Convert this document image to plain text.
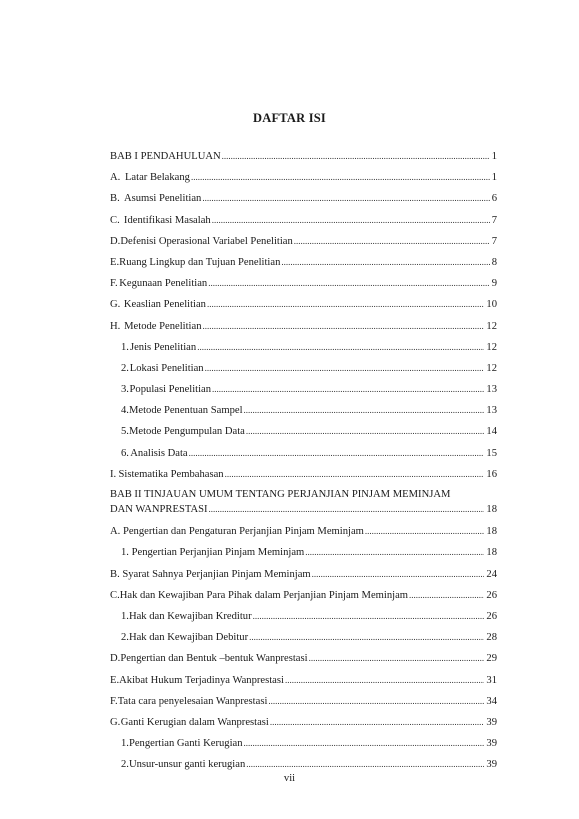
DAFTAR ISI
BAB I PENDAHULUAN .....	1
A. Latar Belakang .....	1
B. Asumsi Penelitian .....	6
C. Identifikasi Masalah .....	7
D. Defenisi Operasional Variabel Penelitian .....	7
E. Ruang Lingkup dan Tujuan Penelitian .....	8
F. Kegunaan Penelitian .....	9
G. Keaslian Penelitian .....	10
H. Metode Penelitian .....	12
1. Jenis Penelitian .....	12
2. Lokasi Penelitian .....	12
3. Populasi Penelitian .....	13
4. Metode Penentuan Sampel .....	13
5. Metode Pengumpulan Data .....	14
6. Analisis Data .....	15
I. Sistematika Pembahasan .....	16
BAB II TINJAUAN UMUM TENTANG PERJANJIAN PINJAM MEMINJAM
DAN WANPRESTASI .....	18
A. Pengertian dan Pengaturan Perjanjian Pinjam Meminjam .....	18
1. Pengertian Perjanjian Pinjam Meminjam .....	18
B. Syarat Sahnya Perjanjian Pinjam Meminjam .....	24
C. Hak dan Kewajiban Para Pihak dalam Perjanjian Pinjam Meminjam .....	26
1. Hak dan Kewajiban Kreditur .....	26
2. Hak dan Kewajiban Debitur .....	28
D. Pengertian dan Bentuk –bentuk Wanprestasi .....	29
E. Akibat Hukum Terjadinya Wanprestasi .....	31
F. Tata cara penyelesaian Wanprestasi .....	34
G. Ganti Kerugian dalam Wanprestasi .....	39
1. Pengertian Ganti Kerugian .....	39
2. Unsur-unsur ganti kerugian .....	39
vii
